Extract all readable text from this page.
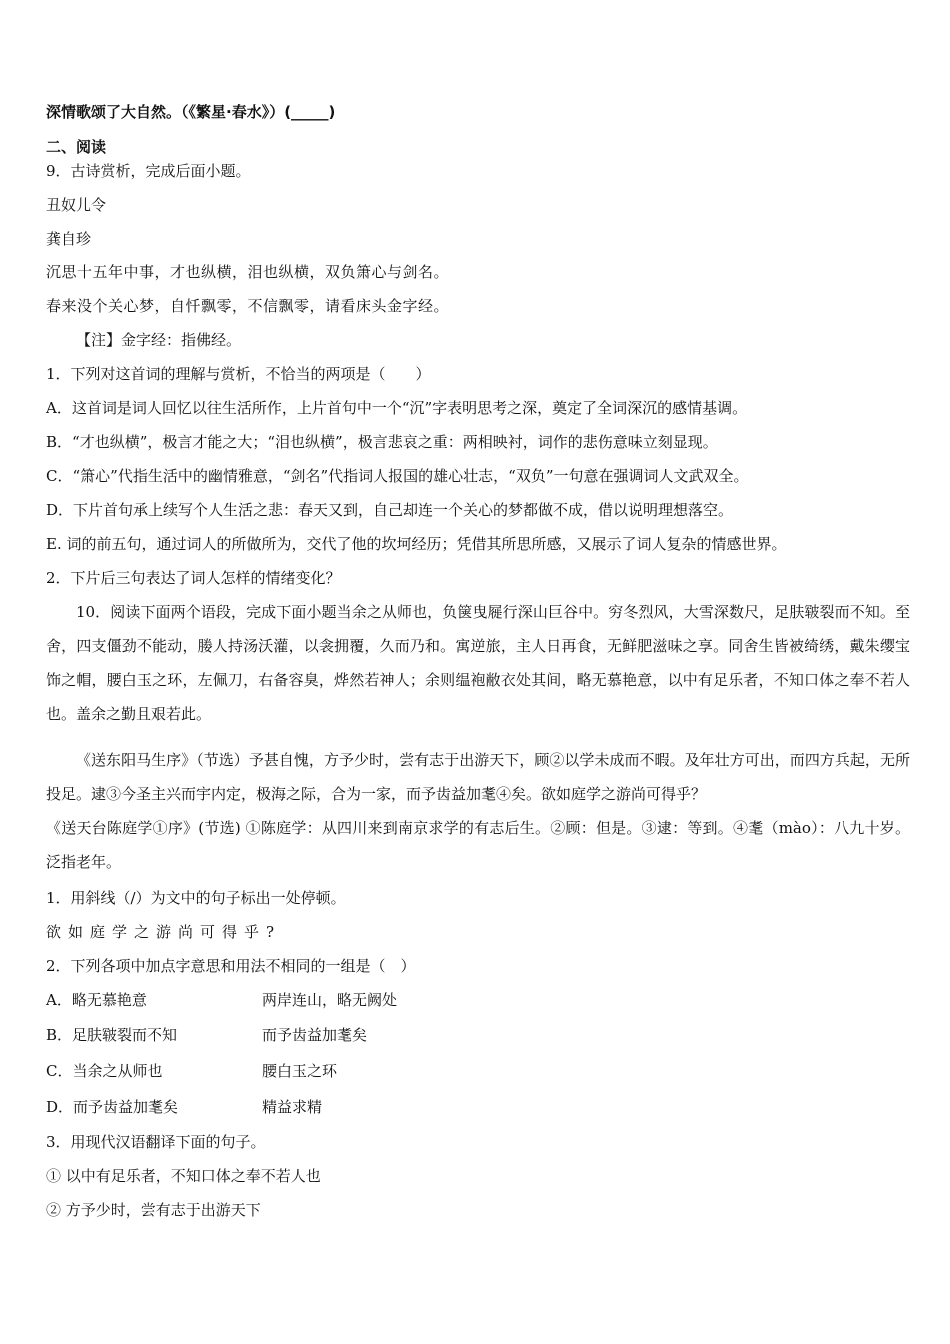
深情歌颂了大自然。（《繁星·春水》）(_____)
二、阅读
9．古诗赏析，完成后面小题。
丑奴儿令
龚自珍
沉思十五年中事，才也纵横，泪也纵横，双负箫心与剑名。
春来没个关心梦，自忏飘零，不信飘零，请看床头金字经。
【注】金字经：指佛经。
1．下列对这首词的理解与赏析，不恰当的两项是（　　）
A．这首词是词人回忆以往生活所作，上片首句中一个“沉”字表明思考之深，奠定了全词深沉的感情基调。
B．“才也纵横”，极言才能之大；“泪也纵横”，极言悲哀之重：两相映衬，词作的悲伤意味立刻显现。
C．“箫心”代指生活中的幽情雅意，“剑名”代指词人报国的雄心壮志，“双负”一句意在强调词人文武双全。
D．下片首句承上续写个人生活之悲：春天又到，自己却连一个关心的梦都做不成，借以说明理想落空。
E. 词的前五句，通过词人的所做所为，交代了他的坎坷经历；凭借其所思所感，又展示了词人复杂的情感世界。
2．下片后三句表达了词人怎样的情绪变化？
10．阅读下面两个语段，完成下面小题当余之从师也，负箧曳屣行深山巨谷中。穷冬烈风，大雪深数尺，足肤皲裂而不知。至舍，四支僵劲不能动，媵人持汤沃灌，以衾拥覆，久而乃和。寓逆旅，主人日再食，无鲜肥滋味之享。同舍生皆被绮绣，戴朱缨宝饰之帽，腰白玉之环，左佩刀，右备容臭，烨然若神人；余则缊袍敝衣处其间，略无慕艳意，以中有足乐者，不知口体之奉不若人也。盖余之勤且艰若此。
《送东阳马生序》（节选）予甚自愧，方予少时，尝有志于出游天下，顾②以学未成而不暇。及年壮方可出，而四方兵起，无所投足。逮③今圣主兴而宇内定，极海之际，合为一家，而予齿益加耄④矣。欲如庭学之游尚可得乎？
《送天台陈庭学①序》(节选) ①陈庭学：从四川来到南京求学的有志后生。②顾：但是。③逮：等到。④耄（mào）：八九十岁。泛指老年。
1．用斜线（/）为文中的句子标出一处停顿。
欲如庭学之游尚可得乎?
2．下列各项中加点字意思和用法不相同的一组是（　）
A．略无慕艳意	两岸连山，略无阙处
B．足肤皲裂而不知	而予齿益加耄矣
C．当余之从师也	腰白玉之环
D．而予齿益加耄矣	精益求精
3．用现代汉语翻译下面的句子。
① 以中有足乐者，不知口体之奉不若人也
② 方予少时，尝有志于出游天下
